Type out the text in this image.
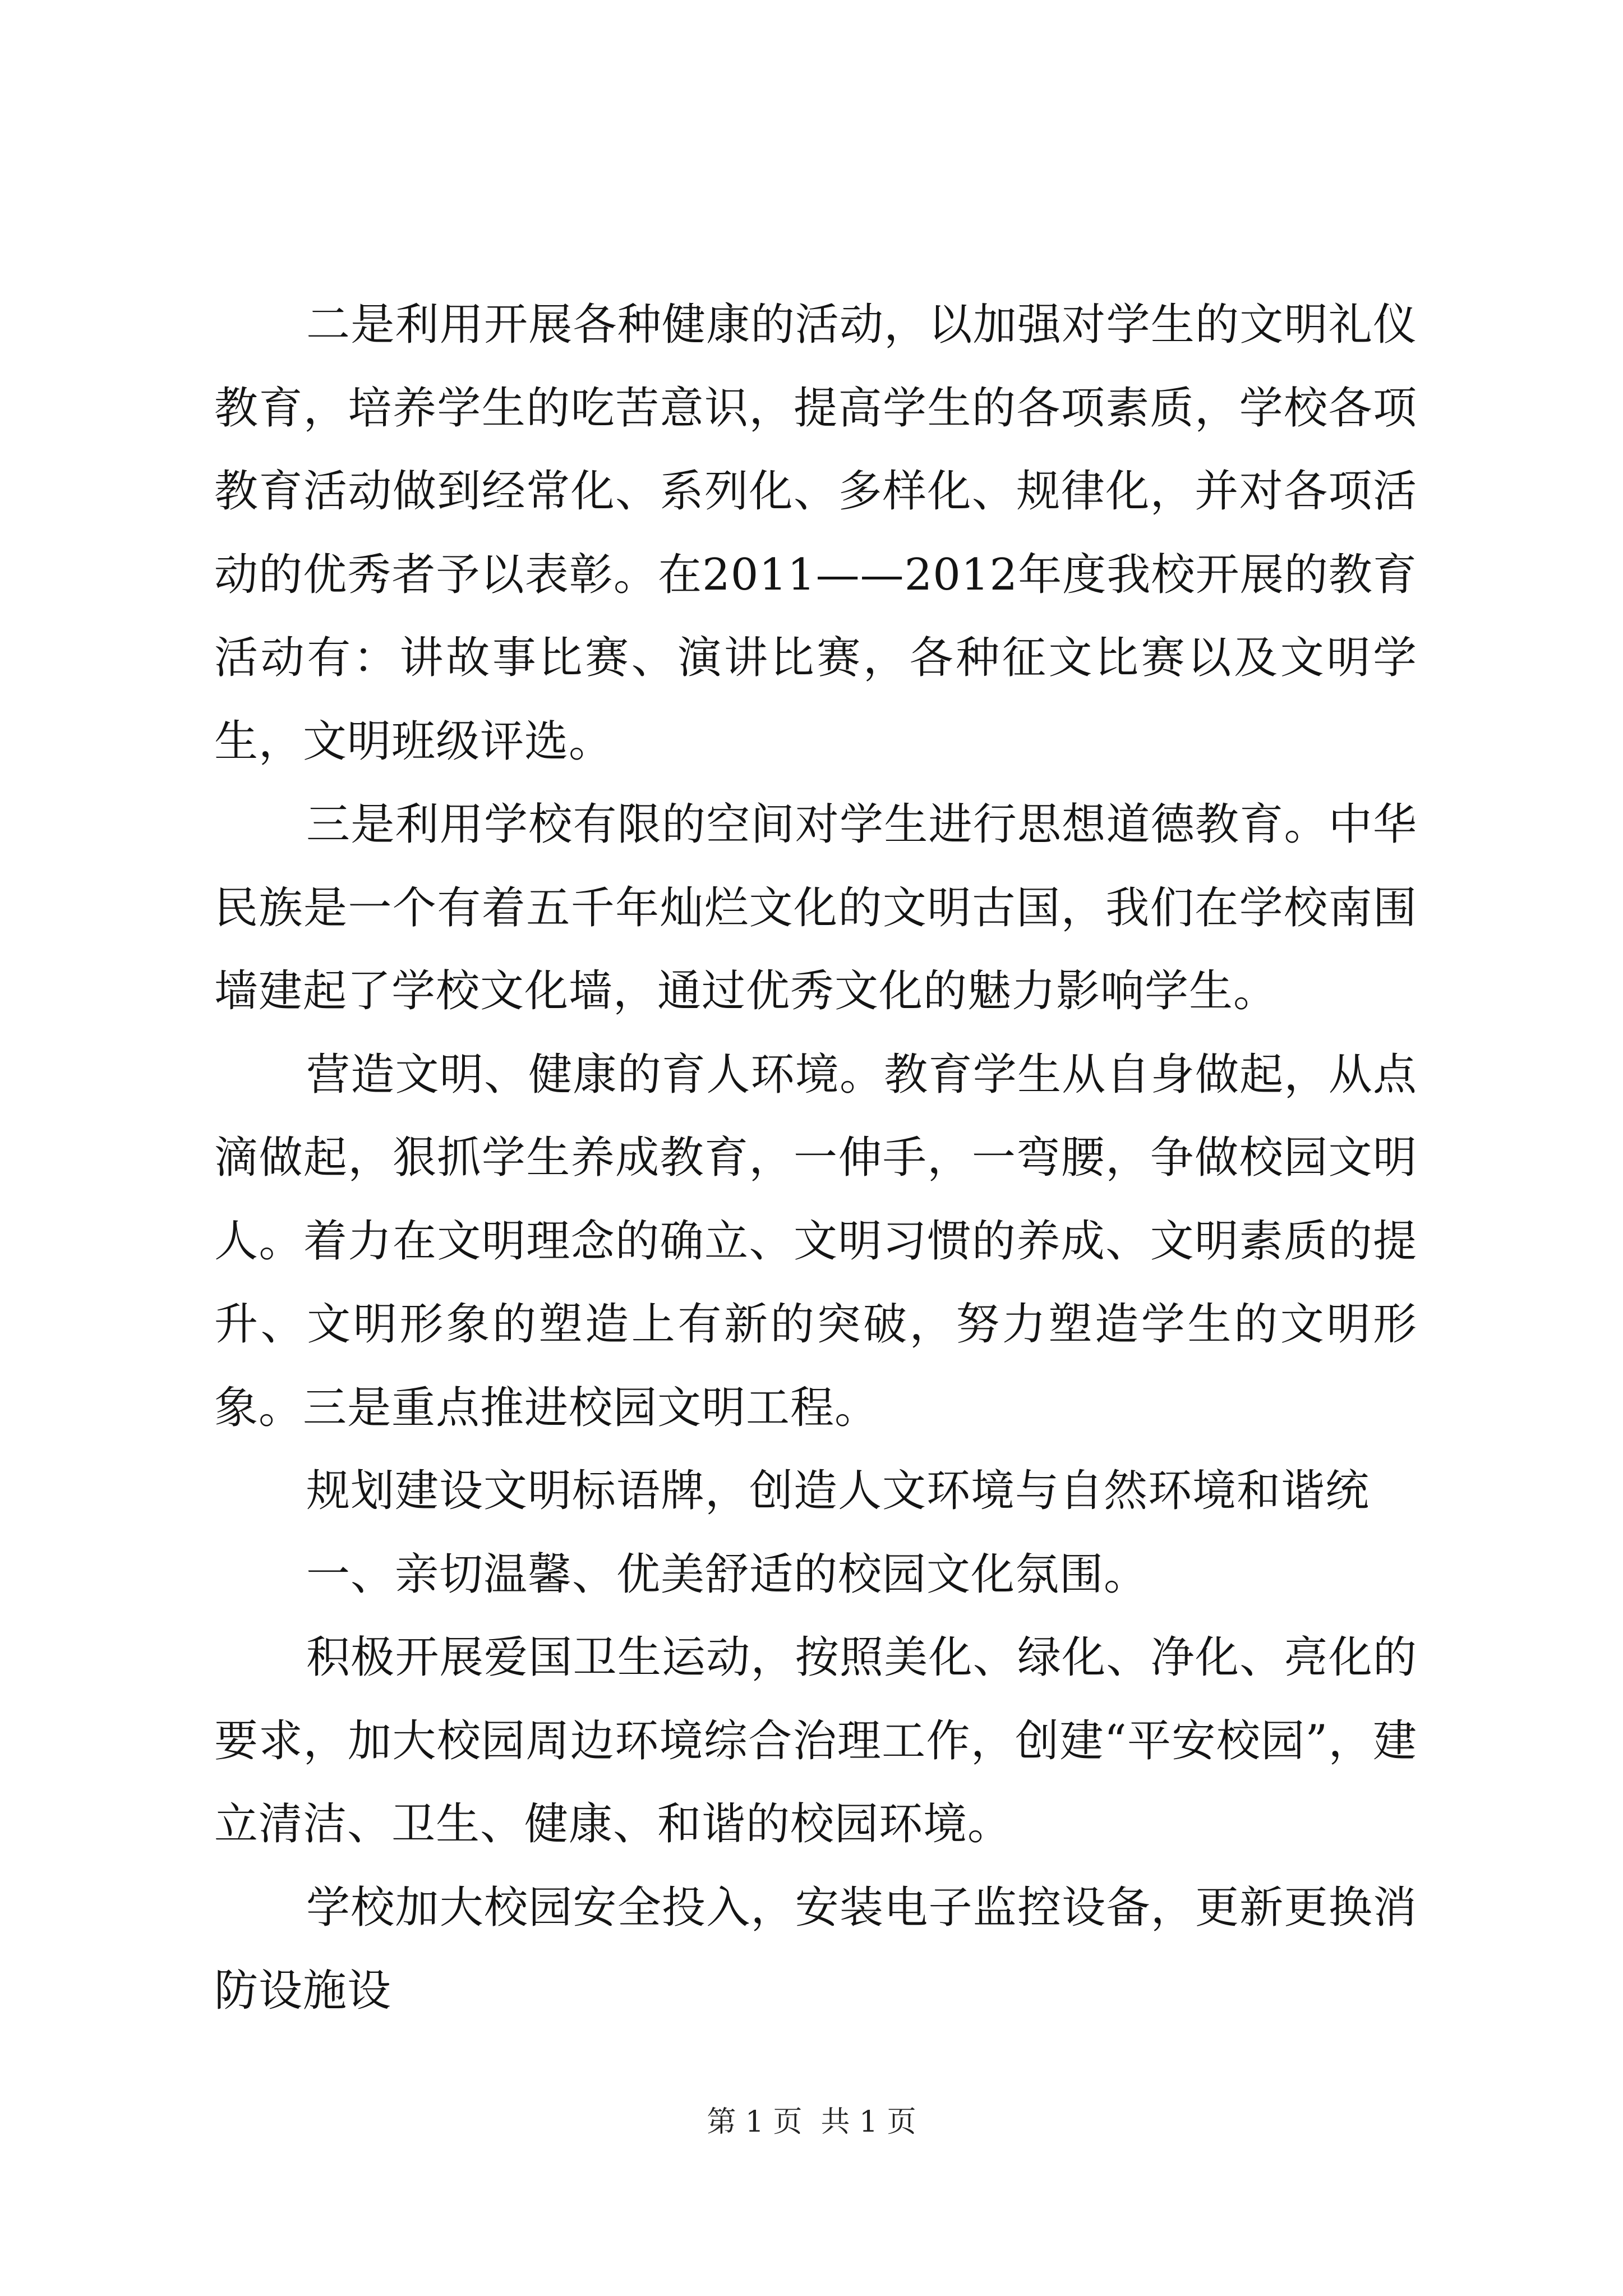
二是利用开展各种健康的活动，以加强对学生的文明礼仪教育，培养学生的吃苦意识，提高学生的各项素质，学校各项教育活动做到经常化、系列化、多样化、规律化，并对各项活动的优秀者予以表彰。在2011——2012年度我校开展的教育活动有：讲故事比赛、演讲比赛，各种征文比赛以及文明学生，文明班级评选。

三是利用学校有限的空间对学生进行思想道德教育。中华民族是一个有着五千年灿烂文化的文明古国，我们在学校南围墙建起了学校文化墙，通过优秀文化的魅力影响学生。

营造文明、健康的育人环境。教育学生从自身做起，从点滴做起，狠抓学生养成教育，一伸手，一弯腰，争做校园文明人。着力在文明理念的确立、文明习惯的养成、文明素质的提升、文明形象的塑造上有新的突破，努力塑造学生的文明形象。三是重点推进校园文明工程。

规划建设文明标语牌，创造人文环境与自然环境和谐统

一、亲切温馨、优美舒适的校园文化氛围。

积极开展爱国卫生运动，按照美化、绿化、净化、亮化的要求，加大校园周边环境综合治理工作，创建“平安校园”，建立清洁、卫生、健康、和谐的校园环境。

学校加大校园安全投入，安装电子监控设备，更新更换消防设施设

第 1 页  共 1 页
